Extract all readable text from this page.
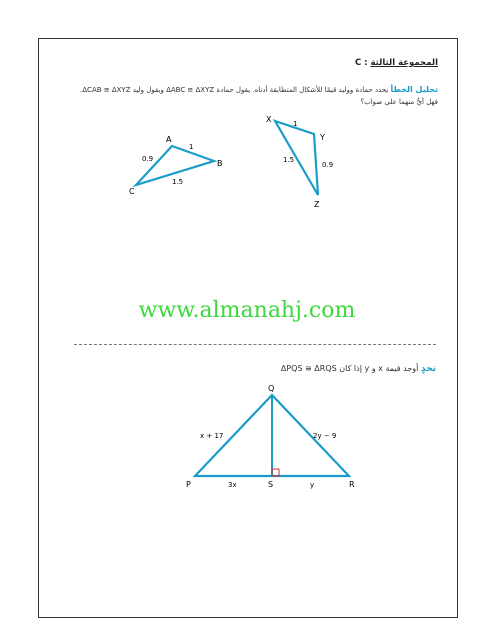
المجموعة الثالثة : C
تحليل الخطأ يحدد حمادة ووليد قيمًا للأشكال المتطابقة أدناه. يقول حمادة ΔABC ≅ ΔXYZ ويقول وليد ΔCAB ≅ ΔXYZ. فهل أيٌّ منهما على صواب؟
A
B
C
1
1.5
0.9
X
Y
Z
1
0.9
1.5
Q
P	S	R
x + 17	2y − 9
3x	y
www.almanahj.com
تحدٍ أوجد قيمة x و y إذا كان ΔPQS ≅ ΔRQS
